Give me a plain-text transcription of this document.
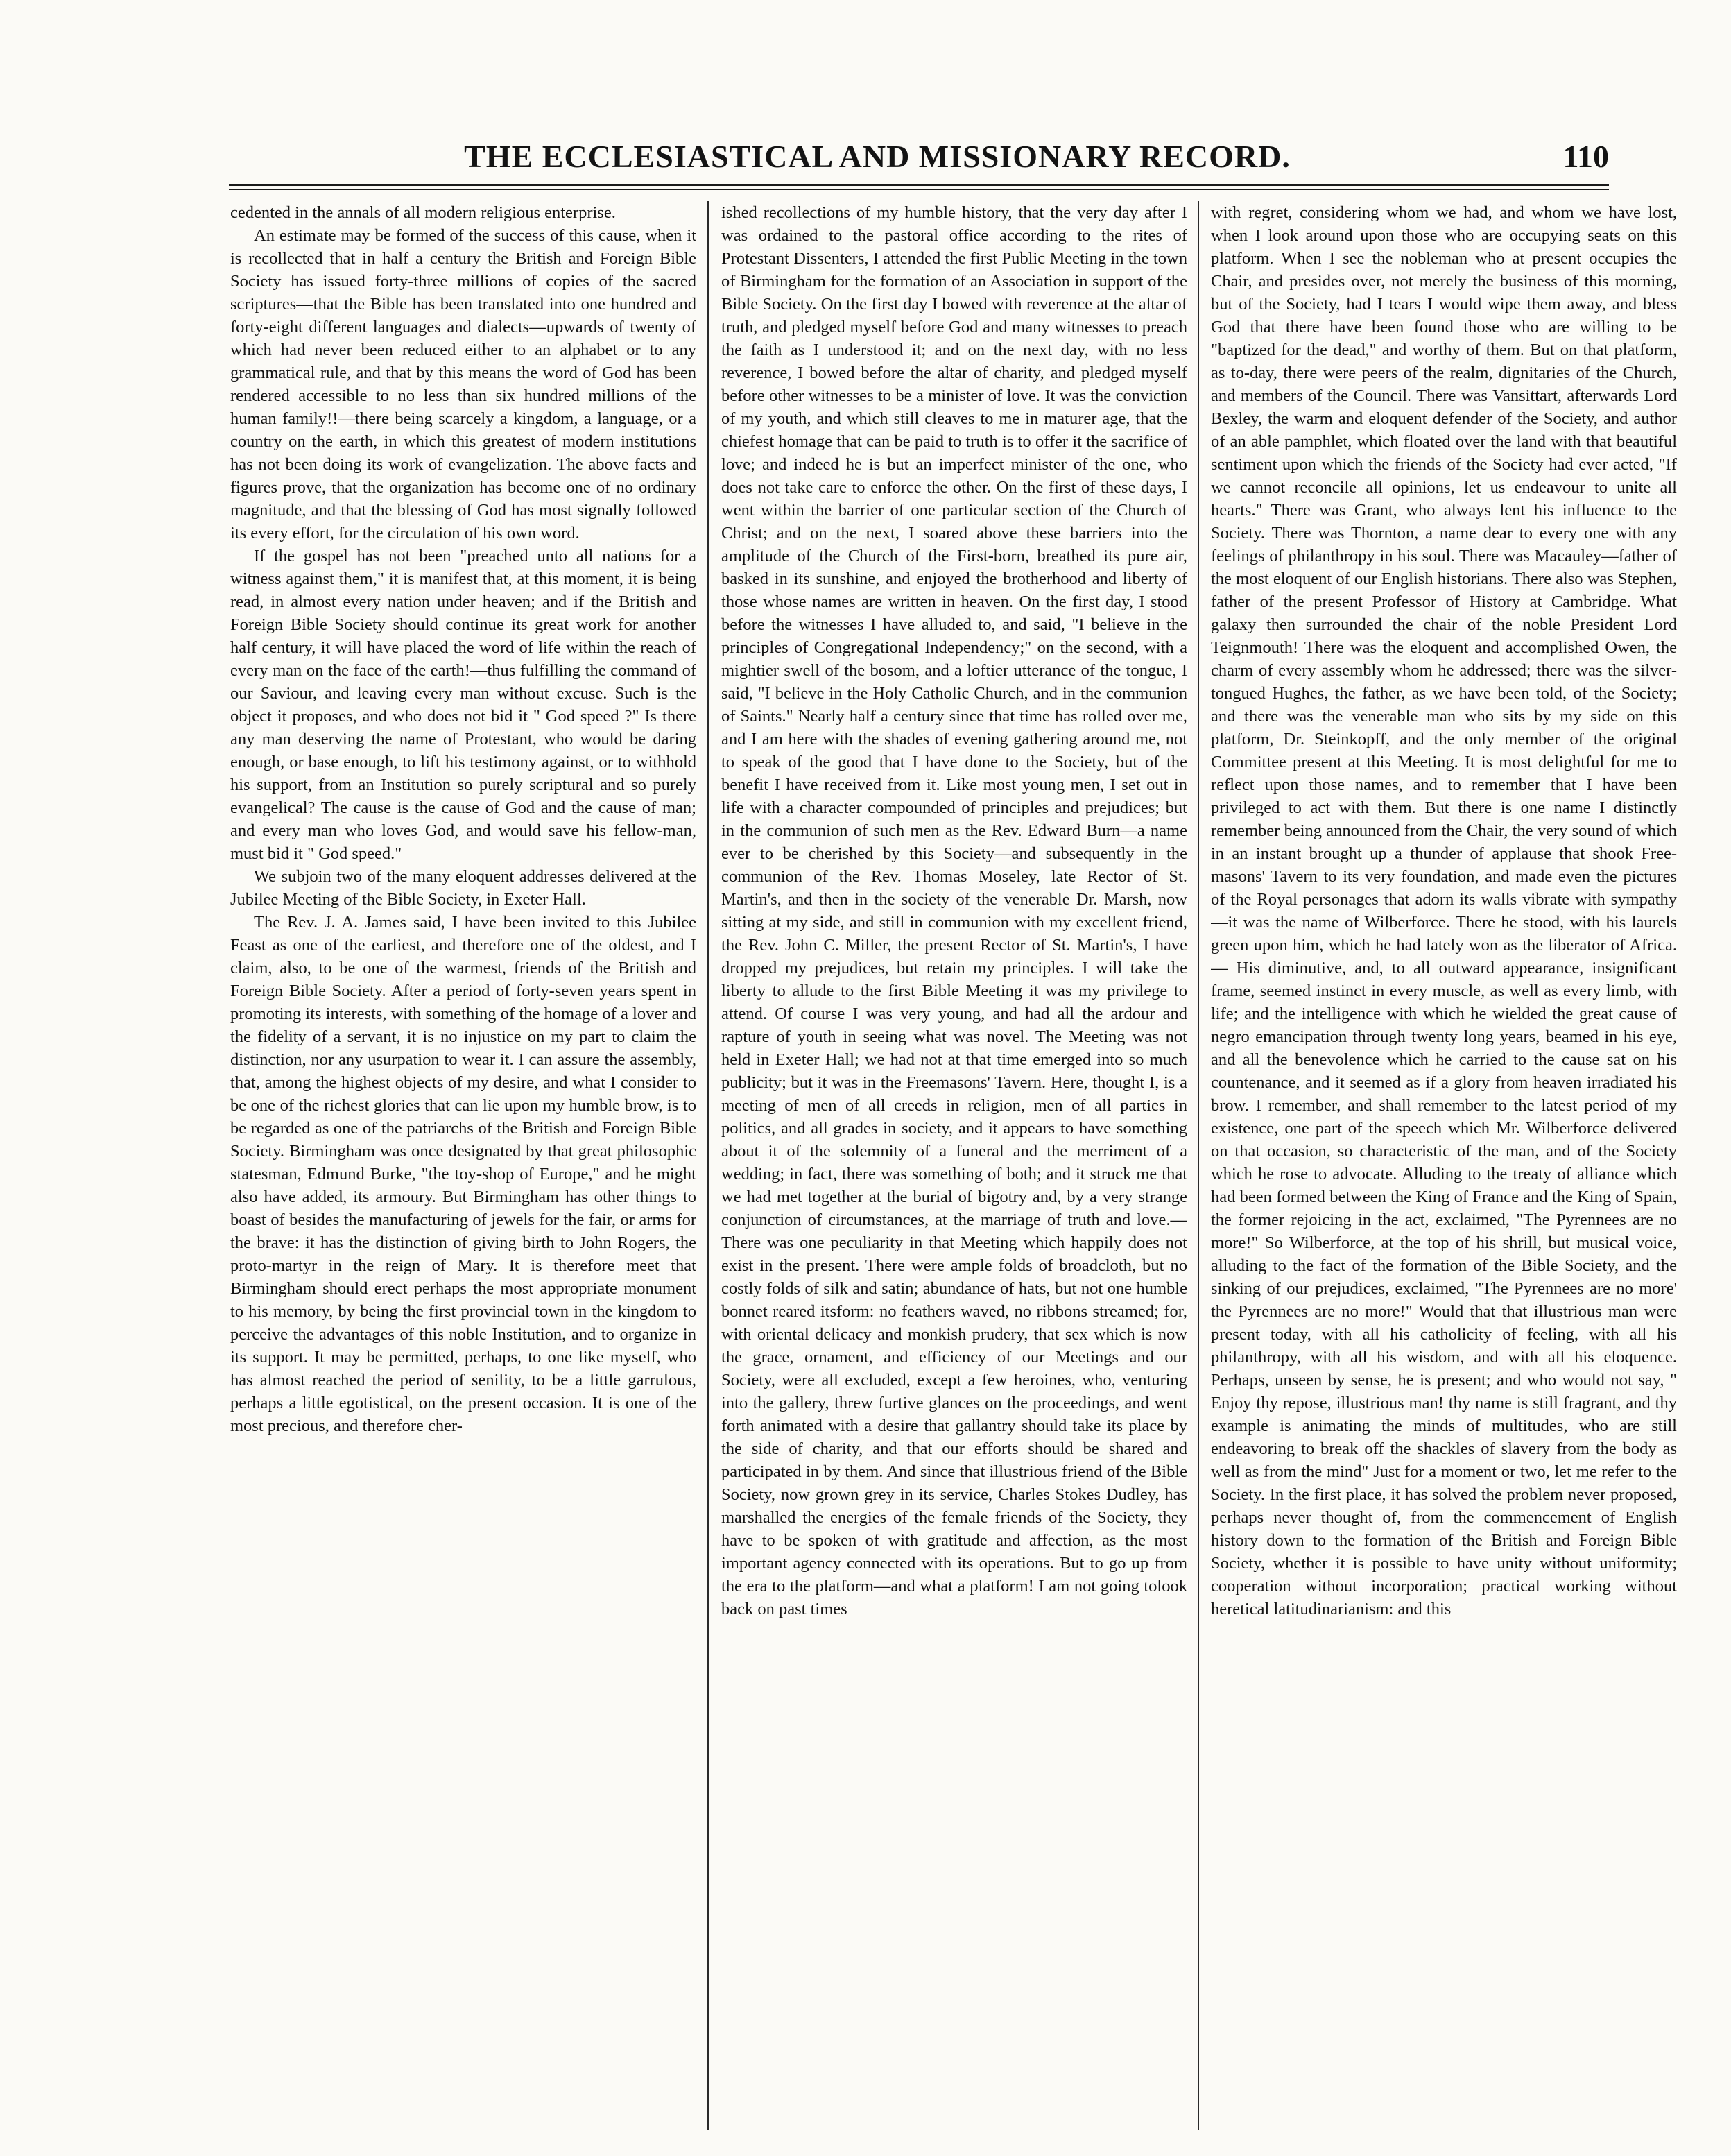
THE ECCLESIASTICAL AND MISSIONARY RECORD.	110

cedented in the annals of all modern religious enterprise.

An estimate may be formed of the success of this cause, when it is recollected that in half a century the British and Foreign Bible Society has issued forty-three millions of copies of the sacred scriptures—that the Bible has been translated into one hundred and forty-eight different languages and dialects—upwards of twenty of which had never been reduced either to an alphabet or to any grammatical rule, and that by this means the word of God has been rendered accessible to no less than six hundred millions of the human family!!—there being scarcely a kingdom, a language, or a country on the earth, in which this greatest of modern institutions has not been doing its work of evangelization. The above facts and figures prove, that the organization has become one of no ordinary magnitude, and that the blessing of God has most signally followed its every effort, for the circulation of his own word.

If the gospel has not been "preached unto all nations for a witness against them," it is manifest that, at this moment, it is being read, in almost every nation under heaven; and if the British and Foreign Bible Society should continue its great work for another half century, it will have placed the word of life within the reach of every man on the face of the earth!—thus fulfilling the command of our Saviour, and leaving every man without excuse. Such is the object it proposes, and who does not bid it " God speed ?" Is there any man deserving the name of Protestant, who would be daring enough, or base enough, to lift his testimony against, or to withhold his support, from an Institution so purely scriptural and so purely evangelical? The cause is the cause of God and the cause of man; and every man who loves God, and would save his fellow-man, must bid it " God speed."

We subjoin two of the many eloquent addresses delivered at the Jubilee Meeting of the Bible Society, in Exeter Hall.

The Rev. J. A. James said, I have been invited to this Jubilee Feast as one of the earliest, and therefore one of the oldest, and I claim, also, to be one of the warmest, friends of the British and Foreign Bible Society. After a period of forty-seven years spent in promoting its interests, with something of the homage of a lover and the fidelity of a servant, it is no injustice on my part to claim the distinction, nor any usurpation to wear it. I can assure the assembly, that, among the highest objects of my desire, and what I consider to be one of the richest glories that can lie upon my humble brow, is to be regarded as one of the patriarchs of the British and Foreign Bible Society. Birmingham was once designated by that great philosophic statesman, Edmund Burke, "the toy-shop of Europe," and he might also have added, its armoury. But Birmingham has other things to boast of besides the manufacturing of jewels for the fair, or arms for the brave: it has the distinction of giving birth to John Rogers, the proto-martyr in the reign of Mary. It is therefore meet that Birmingham should erect perhaps the most appropriate monument to his memory, by being the first provincial town in the kingdom to perceive the advantages of this noble Institution, and to organize in its support. It may be permitted, perhaps, to one like myself, who has almost reached the period of senility, to be a little garrulous, perhaps a little egotistical, on the present occasion. It is one of the most precious, and therefore cher-

ished recollections of my humble history, that the very day after I was ordained to the pastoral office according to the rites of Protestant Dissenters, I attended the first Public Meeting in the town of Birmingham for the formation of an Association in support of the Bible Society. On the first day I bowed with reverence at the altar of truth, and pledged myself before God and many witnesses to preach the faith as I understood it; and on the next day, with no less reverence, I bowed before the altar of charity, and pledged myself before other witnesses to be a minister of love. It was the conviction of my youth, and which still cleaves to me in maturer age, that the chiefest homage that can be paid to truth is to offer it the sacrifice of love; and indeed he is but an imperfect minister of the one, who does not take care to enforce the other. On the first of these days, I went within the barrier of one particular section of the Church of Christ; and on the next, I soared above these barriers into the amplitude of the Church of the First-born, breathed its pure air, basked in its sunshine, and enjoyed the brotherhood and liberty of those whose names are written in heaven. On the first day, I stood before the witnesses I have alluded to, and said, "I believe in the principles of Congregational Independency;" on the second, with a mightier swell of the bosom, and a loftier utterance of the tongue, I said, "I believe in the Holy Catholic Church, and in the communion of Saints." Nearly half a century since that time has rolled over me, and I am here with the shades of evening gathering around me, not to speak of the good that I have done to the Society, but of the benefit I have received from it. Like most young men, I set out in life with a character compounded of principles and prejudices; but in the communion of such men as the Rev. Edward Burn—a name ever to be cherished by this Society—and subsequently in the communion of the Rev. Thomas Moseley, late Rector of St. Martin's, and then in the society of the venerable Dr. Marsh, now sitting at my side, and still in communion with my excellent friend, the Rev. John C. Miller, the present Rector of St. Martin's, I have dropped my prejudices, but retain my principles. I will take the liberty to allude to the first Bible Meeting it was my privilege to attend. Of course I was very young, and had all the ardour and rapture of youth in seeing what was novel. The Meeting was not held in Exeter Hall; we had not at that time emerged into so much publicity; but it was in the Freemasons' Tavern. Here, thought I, is a meeting of men of all creeds in religion, men of all parties in politics, and all grades in society, and it appears to have something about it of the solemnity of a funeral and the merriment of a wedding; in fact, there was something of both; and it struck me that we had met together at the burial of bigotry and, by a very strange conjunction of circumstances, at the marriage of truth and love.— There was one peculiarity in that Meeting which happily does not exist in the present. There were ample folds of broadcloth, but no costly folds of silk and satin; abundance of hats, but not one humble bonnet reared itsform: no feathers waved, no ribbons streamed; for, with oriental delicacy and monkish prudery, that sex which is now the grace, ornament, and efficiency of our Meetings and our Society, were all excluded, except a few heroines, who, venturing into the gallery, threw furtive glances on the proceedings, and went forth animated with a desire that gallantry should take its place by the side of charity, and that our efforts should be shared and participated in by them. And since that illustrious friend of the Bible Society, now grown grey in its service, Charles Stokes Dudley, has marshalled the energies of the female friends of the Society, they have to be spoken of with gratitude and affection, as the most important agency connected with its operations. But to go up from the era to the platform—and what a platform! I am not going tolook back on past times

with regret, considering whom we had, and whom we have lost, when I look around upon those who are occupying seats on this platform. When I see the nobleman who at present occupies the Chair, and presides over, not merely the business of this morning, but of the Society, had I tears I would wipe them away, and bless God that there have been found those who are willing to be "baptized for the dead," and worthy of them. But on that platform, as to-day, there were peers of the realm, dignitaries of the Church, and members of the Council. There was Vansittart, afterwards Lord Bexley, the warm and eloquent defender of the Society, and author of an able pamphlet, which floated over the land with that beautiful sentiment upon which the friends of the Society had ever acted, "If we cannot reconcile all opinions, let us endeavour to unite all hearts." There was Grant, who always lent his influence to the Society. There was Thornton, a name dear to every one with any feelings of philanthropy in his soul. There was Macauley—father of the most eloquent of our English historians. There also was Stephen, father of the present Professor of History at Cambridge. What galaxy then surrounded the chair of the noble President Lord Teignmouth! There was the eloquent and accomplished Owen, the charm of every assembly whom he addressed; there was the silver-tongued Hughes, the father, as we have been told, of the Society; and there was the venerable man who sits by my side on this platform, Dr. Steinkopff, and the only member of the original Committee present at this Meeting. It is most delightful for me to reflect upon those names, and to remember that I have been privileged to act with them. But there is one name I distinctly remember being announced from the Chair, the very sound of which in an instant brought up a thunder of applause that shook Free-masons' Tavern to its very foundation, and made even the pictures of the Royal personages that adorn its walls vibrate with sympathy—it was the name of Wilberforce. There he stood, with his laurels green upon him, which he had lately won as the liberator of Africa.— His diminutive, and, to all outward appearance, insignificant frame, seemed instinct in every muscle, as well as every limb, with life; and the intelligence with which he wielded the great cause of negro emancipation through twenty long years, beamed in his eye, and all the benevolence which he carried to the cause sat on his countenance, and it seemed as if a glory from heaven irradiated his brow. I remember, and shall remember to the latest period of my existence, one part of the speech which Mr. Wilberforce delivered on that occasion, so characteristic of the man, and of the Society which he rose to advocate. Alluding to the treaty of alliance which had been formed between the King of France and the King of Spain, the former rejoicing in the act, exclaimed, "The Pyrennees are no more!" So Wilberforce, at the top of his shrill, but musical voice, alluding to the fact of the formation of the Bible Society, and the sinking of our prejudices, exclaimed, "The Pyrennees are no more' the Pyrennees are no more!" Would that that illustrious man were present today, with all his catholicity of feeling, with all his philanthropy, with all his wisdom, and with all his eloquence. Perhaps, unseen by sense, he is present; and who would not say, " Enjoy thy repose, illustrious man! thy name is still fragrant, and thy example is animating the minds of multitudes, who are still endeavoring to break off the shackles of slavery from the body as well as from the mind" Just for a moment or two, let me refer to the Society. In the first place, it has solved the problem never proposed, perhaps never thought of, from the commencement of English history down to the formation of the British and Foreign Bible Society, whether it is possible to have unity without uniformity; cooperation without incorporation; practical working without heretical latitudinarianism: and this
